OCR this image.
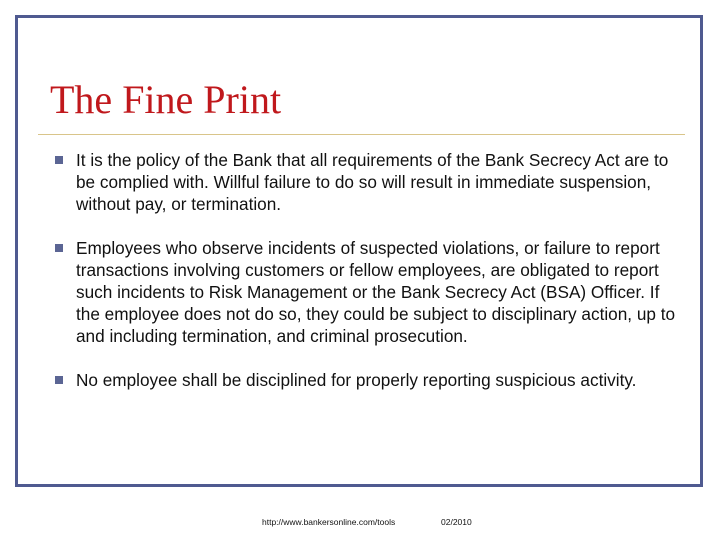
The Fine Print
It is the policy of the Bank that all requirements of the Bank Secrecy Act are to be complied with. Willful failure to do so will result in immediate suspension, without pay, or termination.
Employees who observe incidents of suspected violations, or failure to report transactions involving customers or fellow employees, are obligated to report such incidents to Risk Management or the Bank Secrecy Act (BSA) Officer. If the employee does not do so, they could be subject to disciplinary action, up to and including termination, and criminal prosecution.
No employee shall be disciplined for properly reporting suspicious activity.
http://www.bankersonline.com/tools	02/2010
